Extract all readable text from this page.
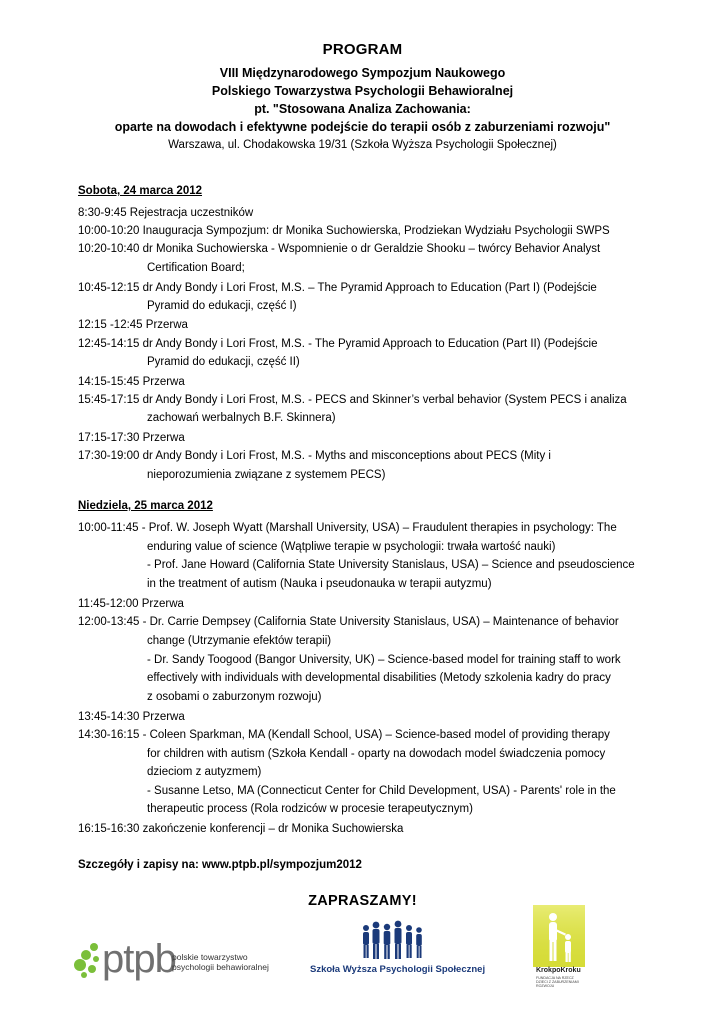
PROGRAM
VIII Międzynarodowego Sympozjum Naukowego
Polskiego Towarzystwa Psychologii Behawioralnej
pt. "Stosowana Analiza Zachowania:
oparte na dowodach i efektywne podejście do terapii osób z zaburzeniami rozwoju"
Warszawa, ul. Chodakowska 19/31 (Szkoła Wyższa Psychologii Społecznej)
Sobota, 24 marca 2012
8:30-9:45 Rejestracja uczestników
10:00-10:20 Inauguracja Sympozjum: dr Monika Suchowierska, Prodziekan Wydziału Psychologii SWPS
10:20-10:40 dr Monika Suchowierska - Wspomnienie o dr Geraldzie Shooku – twórcy Behavior Analyst
Certification Board;
10:45-12:15 dr Andy Bondy i Lori Frost, M.S. – The Pyramid Approach to Education (Part I) (Podejście
Pyramid do edukacji, część I)
12:15 -12:45 Przerwa
12:45-14:15 dr Andy Bondy i Lori Frost, M.S. - The Pyramid Approach to Education (Part II) (Podejście
Pyramid do edukacji, część II)
14:15-15:45 Przerwa
15:45-17:15 dr Andy Bondy i Lori Frost, M.S. - PECS and Skinner’s verbal behavior (System PECS i analiza
zachowań werbalnych B.F. Skinnera)
17:15-17:30 Przerwa
17:30-19:00 dr Andy Bondy i Lori Frost, M.S. - Myths and misconceptions about PECS (Mity i
nieporozumienia związane z systemem PECS)
Niedziela, 25 marca 2012
10:00-11:45 - Prof. W. Joseph Wyatt (Marshall University, USA) – Fraudulent therapies in psychology: The
enduring value of science (Wątpliwe terapie w psychologii: trwała wartość nauki)
- Prof. Jane Howard (California State University Stanislaus, USA) – Science and pseudoscience
in the treatment of autism (Nauka i pseudonauka w terapii autyzmu)
11:45-12:00 Przerwa
12:00-13:45 - Dr. Carrie Dempsey (California State University Stanislaus, USA) – Maintenance of behavior
change (Utrzymanie efektów terapii)
- Dr. Sandy Toogood (Bangor University, UK) – Science-based model for training staff to work
effectively with individuals with developmental disabilities (Metody szkolenia kadry do pracy
z osobami o zaburzonym rozwoju)
13:45-14:30 Przerwa
14:30-16:15 - Coleen Sparkman, MA (Kendall School, USA) – Science-based model of providing therapy
for children with autism (Szkoła Kendall - oparty na dowodach model świadczenia pomocy
dzieciom z autyzmem)
- Susanne Letso, MA (Connecticut Center for Child Development, USA) - Parents' role in the
therapeutic process (Rola rodziców w procesie terapeutycznym)
16:15-16:30 zakończenie konferencji – dr Monika Suchowierska
Szczegóły i zapisy na: www.ptpb.pl/sympozjum2012
ZAPRASZAMY!
ptpb
polskie towarzystwo
psychologii behawioralnej	Szkoła Wyższa Psychologii Społecznej	KrokpoKroku
FUNDACJA NA RZECZ DZIECI Z ZABURZENIAMI ROZWOJU
